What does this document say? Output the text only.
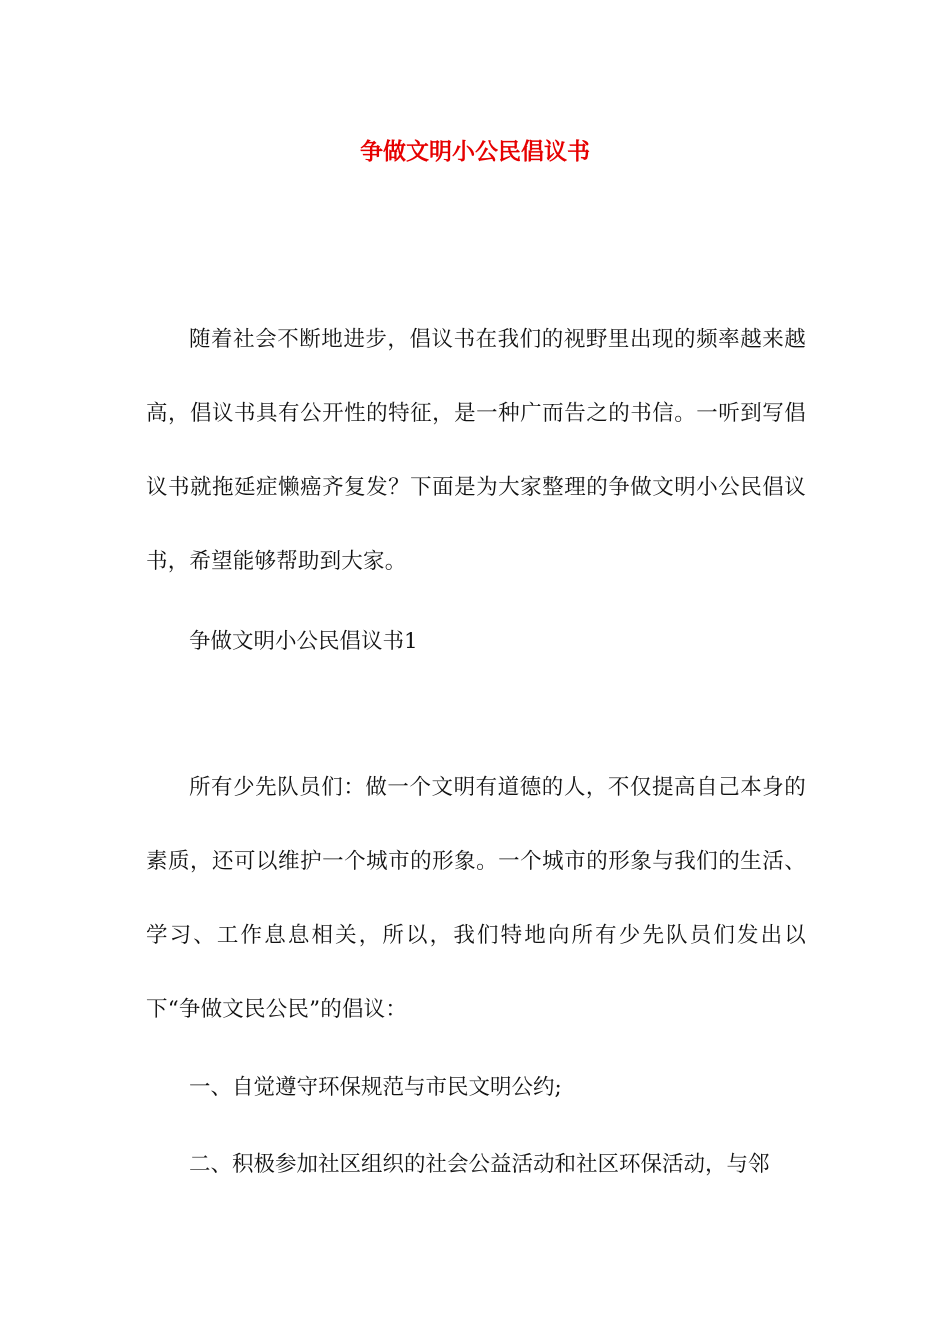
争做文明小公民倡议书

随着社会不断地进步，倡议书在我们的视野里出现的频率越来越高，倡议书具有公开性的特征，是一种广而告之的书信。一听到写倡议书就拖延症懒癌齐复发？下面是为大家整理的争做文明小公民倡议书，希望能够帮助到大家。

争做文明小公民倡议书1

所有少先队员们：做一个文明有道德的人，不仅提高自己本身的素质，还可以维护一个城市的形象。一个城市的形象与我们的生活、学习、工作息息相关，所以，我们特地向所有少先队员们发出以下“争做文民公民”的倡议：

一、自觉遵守环保规范与市民文明公约;

二、积极参加社区组织的社会公益活动和社区环保活动，与邻
